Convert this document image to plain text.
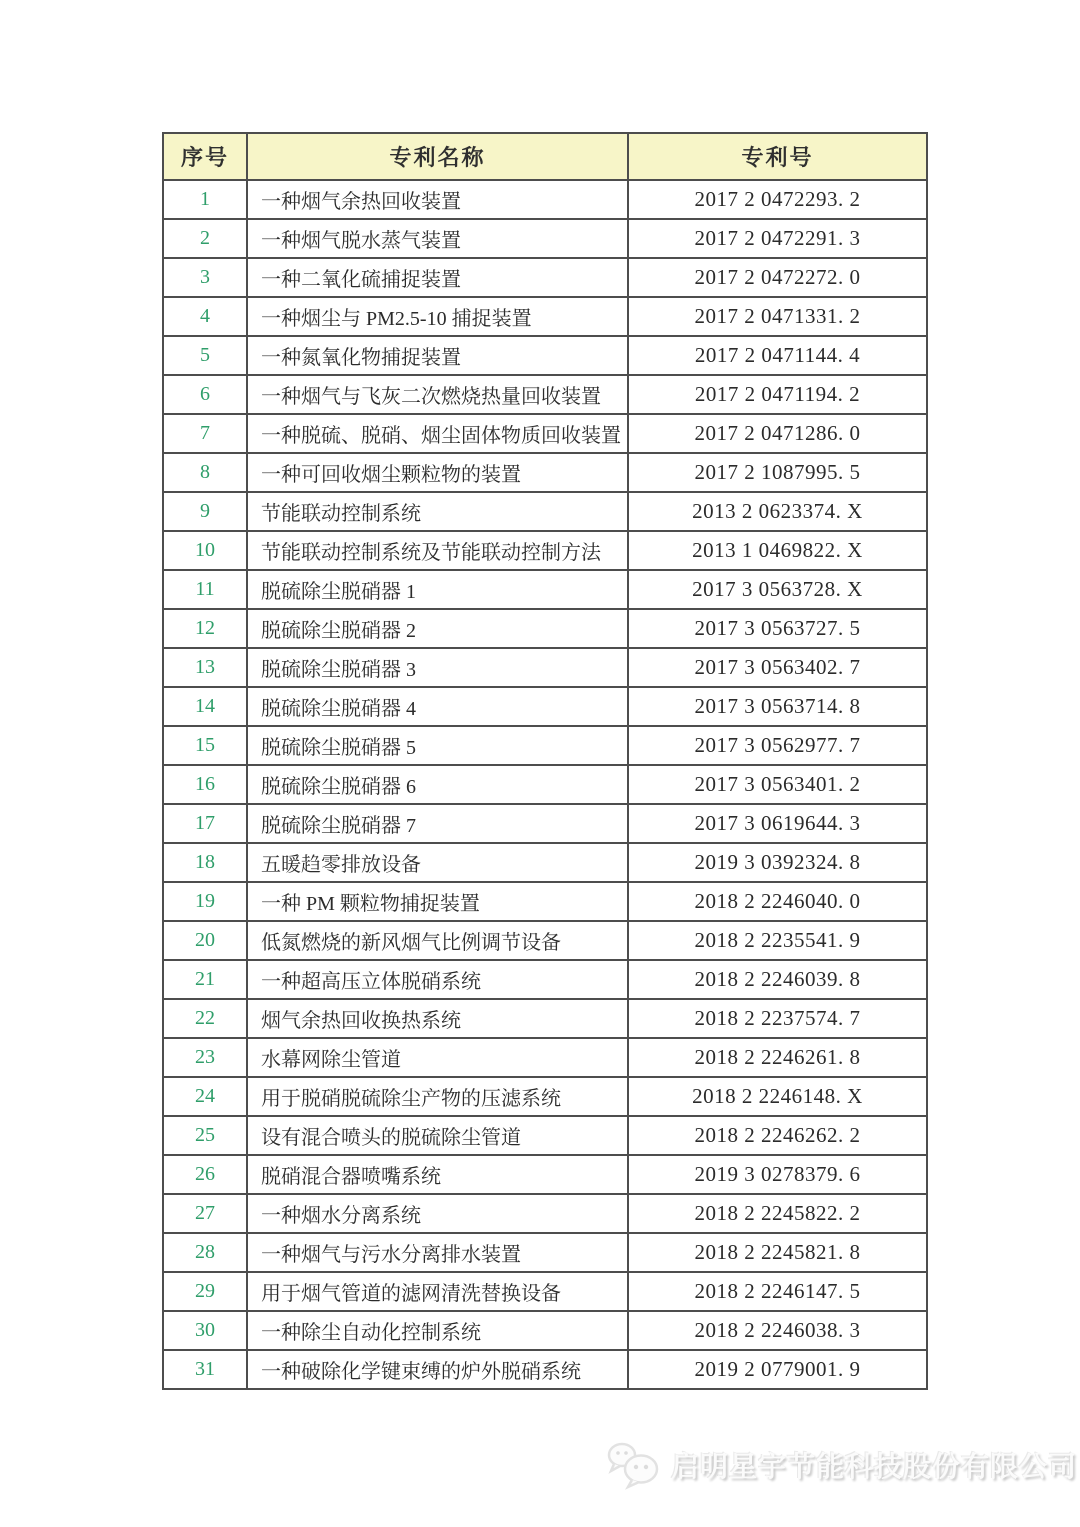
序号	专利名称	专利号
1	一种烟气余热回收装置	2017 2 0472293. 2
2	一种烟气脱水蒸气装置	2017 2 0472291. 3
3	一种二氧化硫捕捉装置	2017 2 0472272. 0
4	一种烟尘与 PM2.5-10 捕捉装置	2017 2 0471331. 2
5	一种氮氧化物捕捉装置	2017 2 0471144. 4
6	一种烟气与飞灰二次燃烧热量回收装置	2017 2 0471194. 2
7	一种脱硫、脱硝、烟尘固体物质回收装置	2017 2 0471286. 0
8	一种可回收烟尘颗粒物的装置	2017 2 1087995. 5
9	节能联动控制系统	2013 2 0623374. X
10	节能联动控制系统及节能联动控制方法	2013 1 0469822. X
11	脱硫除尘脱硝器 1	2017 3 0563728. X
12	脱硫除尘脱硝器 2	2017 3 0563727. 5
13	脱硫除尘脱硝器 3	2017 3 0563402. 7
14	脱硫除尘脱硝器 4	2017 3 0563714. 8
15	脱硫除尘脱硝器 5	2017 3 0562977. 7
16	脱硫除尘脱硝器 6	2017 3 0563401. 2
17	脱硫除尘脱硝器 7	2017 3 0619644. 3
18	五暖趋零排放设备	2019 3 0392324. 8
19	一种 PM 颗粒物捕捉装置	2018 2 2246040. 0
20	低氮燃烧的新风烟气比例调节设备	2018 2 2235541. 9
21	一种超高压立体脱硝系统	2018 2 2246039. 8
22	烟气余热回收换热系统	2018 2 2237574. 7
23	水幕网除尘管道	2018 2 2246261. 8
24	用于脱硝脱硫除尘产物的压滤系统	2018 2 2246148. X
25	设有混合喷头的脱硫除尘管道	2018 2 2246262. 2
26	脱硝混合器喷嘴系统	2019 3 0278379. 6
27	一种烟水分离系统	2018 2 2245822. 2
28	一种烟气与污水分离排水装置	2018 2 2245821. 8
29	用于烟气管道的滤网清洗替换设备	2018 2 2246147. 5
30	一种除尘自动化控制系统	2018 2 2246038. 3
31	一种破除化学键束缚的炉外脱硝系统	2019 2 0779001. 9
启明星宇节能科技股份有限公司
